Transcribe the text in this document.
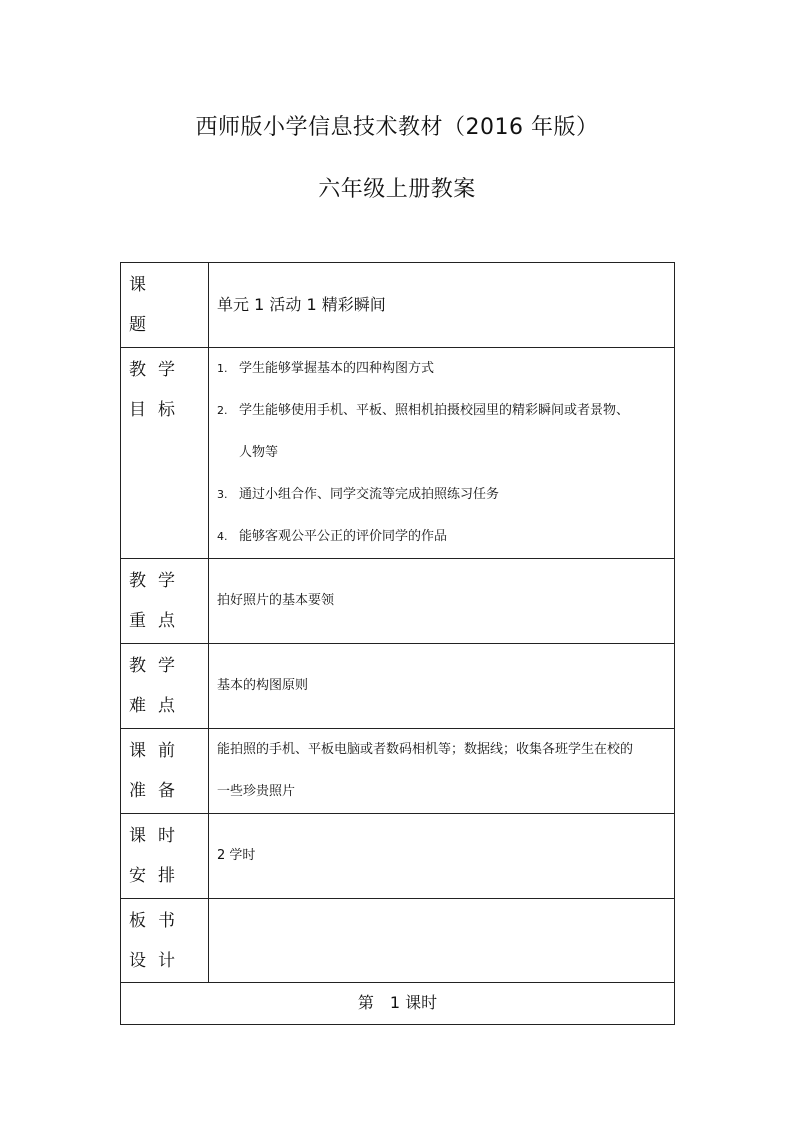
西师版小学信息技术教材（2016 年版）
六年级上册教案
课题	单元 1 活动 1 精彩瞬间

教学目标	1. 学生能够掌握基本的四种构图方式
2. 学生能够使用手机、平板、照相机拍摄校园里的精彩瞬间或者景物、
人物等
3. 通过小组合作、同学交流等完成拍照练习任务
4. 能够客观公平公正的评价同学的作品

教学重点	拍好照片的基本要领

教学难点	基本的构图原则

课前准备	能拍照的手机、平板电脑或者数码相机等；数据线；收集各班学生在校的
一些珍贵照片

课时安排	2 学时

板书设计	

第　1 课时	
